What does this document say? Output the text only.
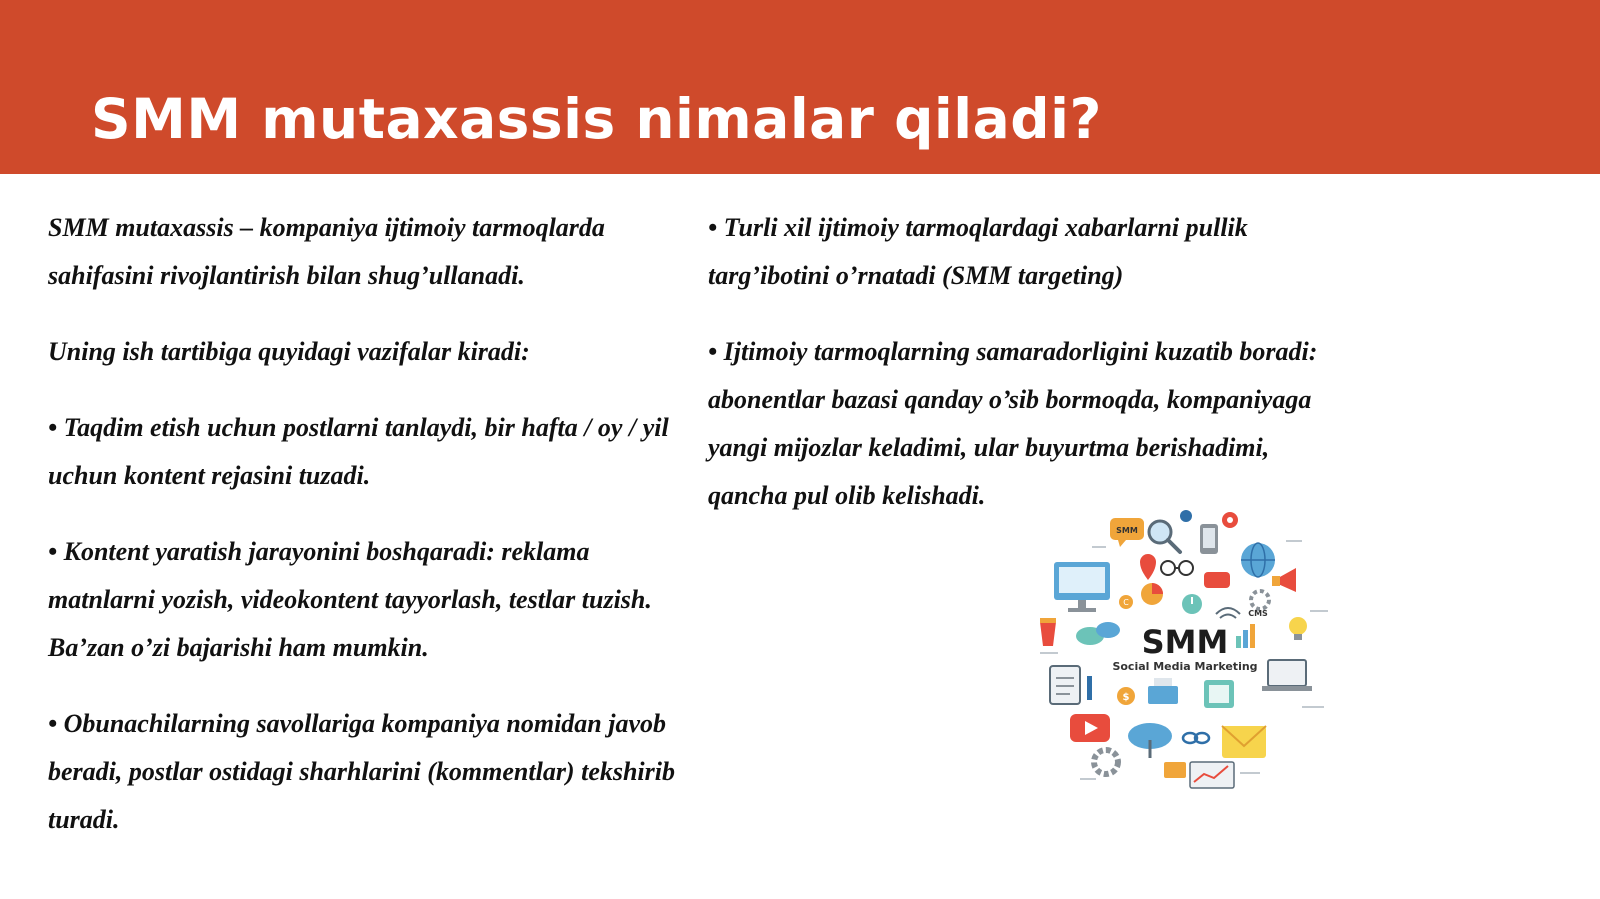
SMM mutaxassis nimalar qiladi?

SMM mutaxassis – kompaniya ijtimoiy tarmoqlarda sahifasini rivojlantirish bilan shug’ullanadi.

Uning ish tartibiga quyidagi vazifalar kiradi:

• Taqdim etish uchun postlarni tanlaydi, bir hafta / oy / yil uchun kontent rejasini tuzadi.

• Kontent yaratish jarayonini boshqaradi: reklama matnlarni yozish, videokontent tayyorlash, testlar tuzish. Ba’zan o’zi bajarishi ham mumkin.

• Obunachilarning savollariga kompaniya nomidan javob beradi, postlar ostidagi sharhlarini (kommentlar) tekshirib turadi.

• Turli xil ijtimoiy tarmoqlardagi xabarlarni pullik targ’ibotini o’rnatadi (SMM targeting)

• Ijtimoiy tarmoqlarning samaradorligini kuzatib boradi: abonentlar bazasi qanday o’sib bormoqda, kompaniyaga yangi mijozlar keladimi, ular buyurtma berishadimi, qancha pul olib kelishadi.

SMM
C
CMS
SMM
Social Media Marketing
$
